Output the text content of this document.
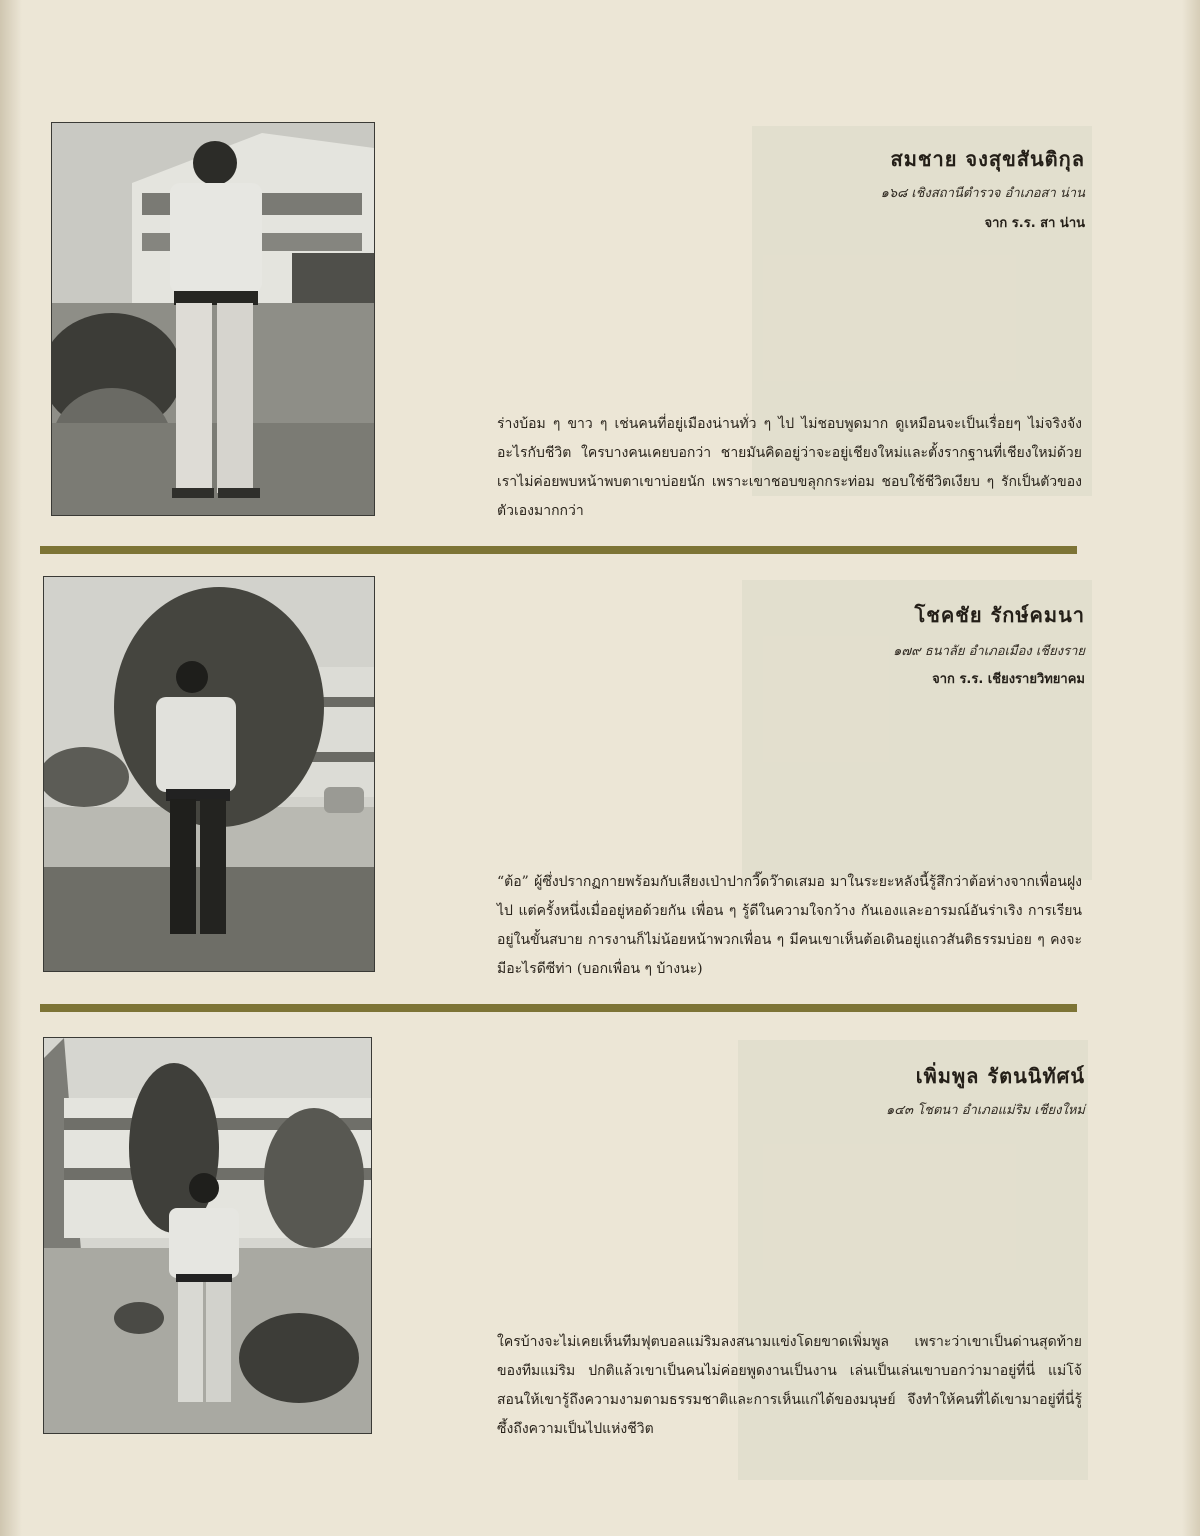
สมชาย จงสุขสันติกุล
๑๖๘ เชิงสถานีตำรวจ อำเภอสา น่าน
จาก ร.ร. สา น่าน
ร่างบ้อม ๆ ขาว ๆ เช่นคนที่อยู่เมืองน่านทั่ว ๆ ไป ไม่ชอบพูดมาก ดูเหมือนจะเป็นเรื่อยๆ ไม่จริงจังอะไรกับชีวิต ใครบางคนเคยบอกว่า ชายมันคิดอยู่ว่าจะอยู่เชียงใหม่และตั้งรากฐานที่เชียงใหม่ด้วย เราไม่ค่อยพบหน้าพบตาเขาบ่อยนัก เพราะเขาชอบขลุกกระท่อม ชอบใช้ชีวิตเงียบ ๆ รักเป็นตัวของตัวเองมากกว่า
โชคชัย รักษ์คมนา
๑๗๙ ธนาลัย อำเภอเมือง เชียงราย
จาก ร.ร. เชียงรายวิทยาคม
“ต้อ” ผู้ซึ่งปรากฏกายพร้อมกับเสียงเป่าปากวี๊ดว๊าดเสมอ มาในระยะหลังนี้รู้สึกว่าต้อห่างจากเพื่อนฝูงไป แต่ครั้งหนึ่งเมื่ออยู่หอด้วยกัน เพื่อน ๆ รู้ดีในความใจกว้าง กันเองและอารมณ์อันร่าเริง การเรียนอยู่ในขั้นสบาย การงานก็ไม่น้อยหน้าพวกเพื่อน ๆ มีคนเขาเห็นต้อเดินอยู่แถวสันติธรรมบ่อย ๆ คงจะมีอะไรดีซีท่า (บอกเพื่อน ๆ บ้างนะ)
เพิ่มพูล รัตนนิทัศน์
๑๔๓ โชตนา อำเภอแม่ริม เชียงใหม่
ใครบ้างจะไม่เคยเห็นทีมฟุตบอลแม่ริมลงสนามแข่งโดยขาดเพิ่มพูล เพราะว่าเขาเป็นด่านสุดท้ายของทีมแม่ริม ปกติแล้วเขาเป็นคนไม่ค่อยพูดงานเป็นงาน เล่นเป็นเล่นเขาบอกว่ามาอยู่ที่นี่ แม่โจ้สอนให้เขารู้ถึงความงามตามธรรมชาติและการเห็นแก่ได้ของมนุษย์ จึงทำให้คนที่ได้เขามาอยู่ที่นี่รู้ซึ้งถึงความเป็นไปแห่งชีวิต
